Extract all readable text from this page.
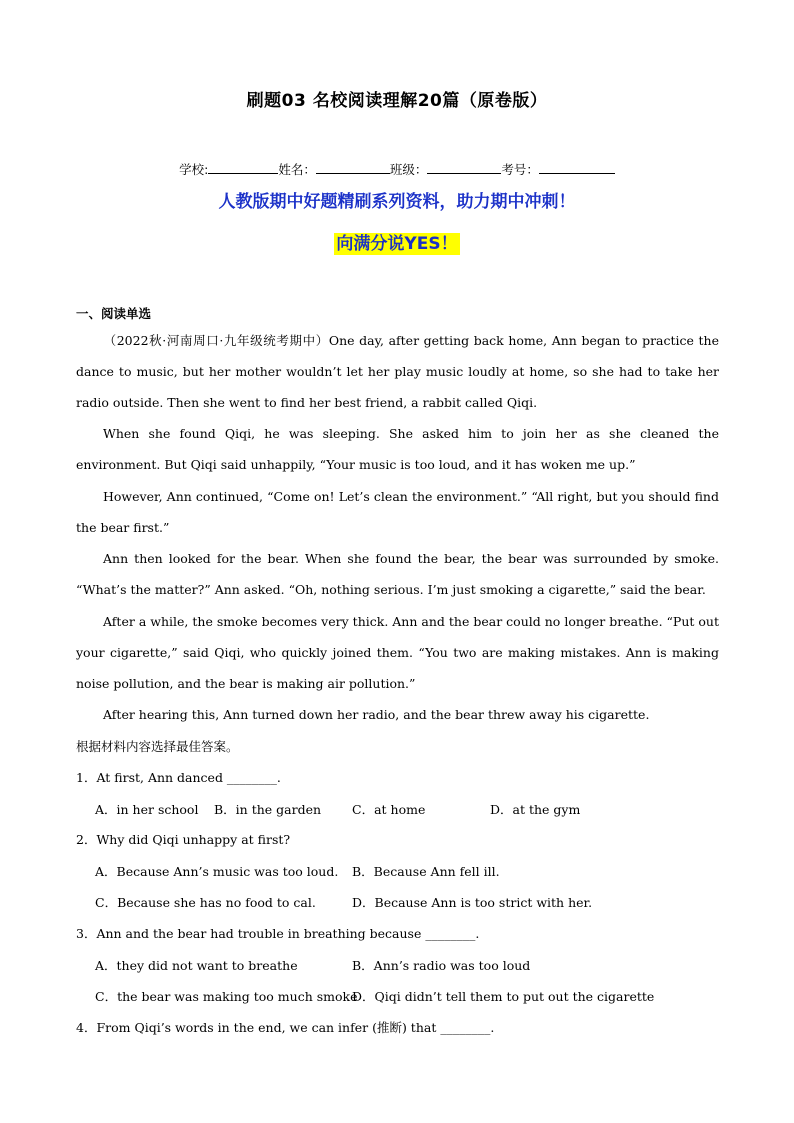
刷题03 名校阅读理解20篇（原卷版）
学校:	姓名：	班级：	考号：
人教版期中好题精刷系列资料，助力期中冲刺！
向满分说YES！
一、阅读单选
（2022秋·河南周口·九年级统考期中）One day, after getting back home, Ann began to practice the dance to music, but her mother wouldn’t let her play music loudly at home, so she had to take her radio outside. Then she went to find her best friend, a rabbit called Qiqi.
When she found Qiqi, he was sleeping. She asked him to join her as she cleaned the environment. But Qiqi said unhappily, “Your music is too loud, and it has woken me up.”
However, Ann continued, “Come on! Let’s clean the environment.” “All right, but you should find the bear first.”
Ann then looked for the bear. When she found the bear, the bear was surrounded by smoke. “What’s the matter?” Ann asked. “Oh, nothing serious. I’m just smoking a cigarette,” said the bear.
After a while, the smoke becomes very thick. Ann and the bear could no longer breathe. “Put out your cigarette,” said Qiqi, who quickly joined them. “You two are making mistakes. Ann is making noise pollution, and the bear is making air pollution.”
After hearing this, Ann turned down her radio, and the bear threw away his cigarette.
根据材料内容选择最佳答案。
1．At first, Ann danced ________.
A．in her school B．in the garden C．at home	D．at the gym
2．Why did Qiqi unhappy at first?
A．Because Ann’s music was too loud. B．Because Ann fell ill.
C．Because she has no food to cal.	D．Because Ann is too strict with her.
3．Ann and the bear had trouble in breathing because ________.
A．they did not want to breathe	B．Ann’s radio was too loud
C．the bear was making too much smoke
D．Qiqi didn’t tell them to put out the cigarette
4．From Qiqi’s words in the end, we can infer (推断) that ________.
